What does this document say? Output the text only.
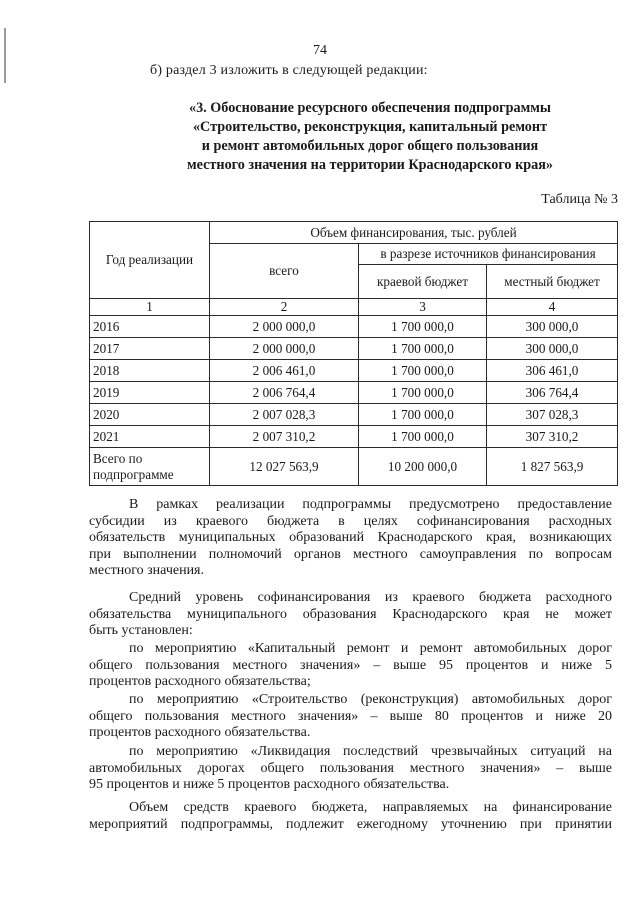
74
б) раздел 3 изложить в следующей редакции:
«3. Обоснование ресурсного обеспечения подпрограммы
«Строительство, реконструкция, капитальный ремонт
и ремонт автомобильных дорог общего пользования
местного значения на территории Краснодарского края»
Таблица № 3
Год реализации	Объем финансирования, тыс. рублей		
	всего	в разрезе источников финансирования	
		краевой бюджет	местный бюджет
1	2	3	4
2016	2 000 000,0	1 700 000,0	300 000,0
2017	2 000 000,0	1 700 000,0	300 000,0
2018	2 006 461,0	1 700 000,0	306 461,0
2019	2 006 764,4	1 700 000,0	306 764,4
2020	2 007 028,3	1 700 000,0	307 028,3
2021	2 007 310,2	1 700 000,0	307 310,2
Всего по подпрограмме	12 027 563,9	10 200 000,0	1 827 563,9
В рамках реализации подпрограммы предусмотрено предоставление
субсидии из краевого бюджета в целях софинансирования расходных
обязательств муниципальных образований Краснодарского края, возникающих
при выполнении полномочий органов местного самоуправления по вопросам
местного значения.
Средний уровень софинансирования из краевого бюджета расходного
обязательства муниципального образования Краснодарского края не может
быть установлен:
по мероприятию «Капитальный ремонт и ремонт автомобильных дорог
общего пользования местного значения» – выше 95 процентов и ниже 5
процентов расходного обязательства;
по мероприятию «Строительство (реконструкция) автомобильных дорог
общего пользования местного значения» – выше 80 процентов и ниже 20
процентов расходного обязательства.
по мероприятию «Ликвидация последствий чрезвычайных ситуаций на
автомобильных дорогах общего пользования местного значения» – выше
95 процентов и ниже 5 процентов расходного обязательства.
Объем средств краевого бюджета, направляемых на финансирование
мероприятий подпрограммы, подлежит ежегодному уточнению при принятии
